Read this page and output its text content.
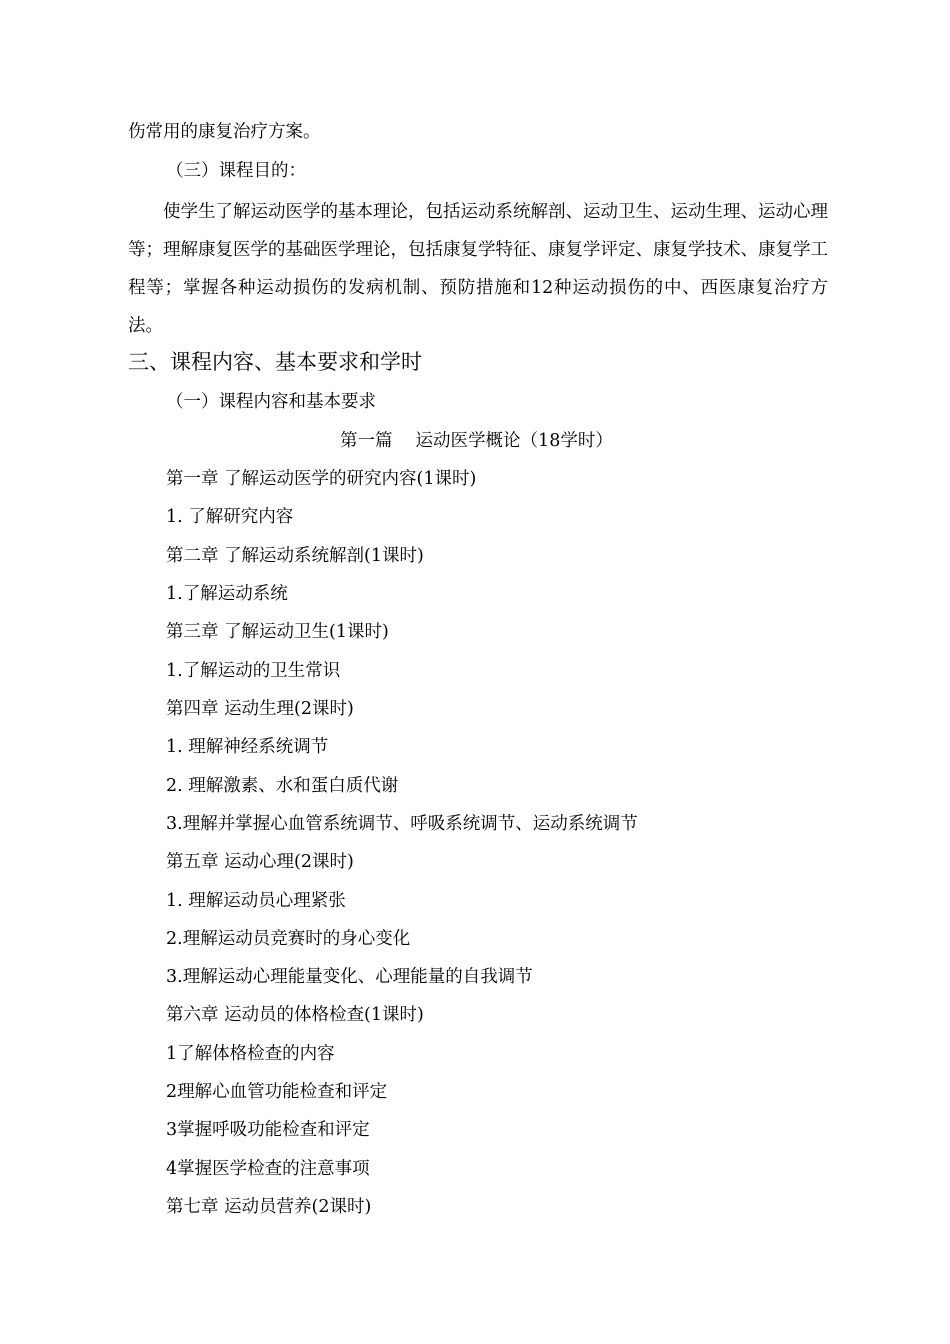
伤常用的康复治疗方案。
（三）课程目的：
使学生了解运动医学的基本理论，包括运动系统解剖、运动卫生、运动生理、运动心理等；理解康复医学的基础医学理论，包括康复学特征、康复学评定、康复学技术、康复学工程等；掌握各种运动损伤的发病机制、预防措施和12种运动损伤的中、西医康复治疗方法。
三、课程内容、基本要求和学时
（一）课程内容和基本要求
第一篇　 运动医学概论（18学时）
第一章 了解运动医学的研究内容(1课时)
1. 了解研究内容
第二章 了解运动系统解剖(1课时)
1.了解运动系统
第三章 了解运动卫生(1课时)
1.了解运动的卫生常识
第四章 运动生理(2课时)
1. 理解神经系统调节
2. 理解激素、水和蛋白质代谢
3.理解并掌握心血管系统调节、呼吸系统调节、运动系统调节
第五章 运动心理(2课时)
1. 理解运动员心理紧张
2.理解运动员竞赛时的身心变化
3.理解运动心理能量变化、心理能量的自我调节
第六章 运动员的体格检查(1课时)
1了解体格检查的内容
2理解心血管功能检查和评定
3掌握呼吸功能检查和评定
4掌握医学检查的注意事项
第七章 运动员营养(2课时)
